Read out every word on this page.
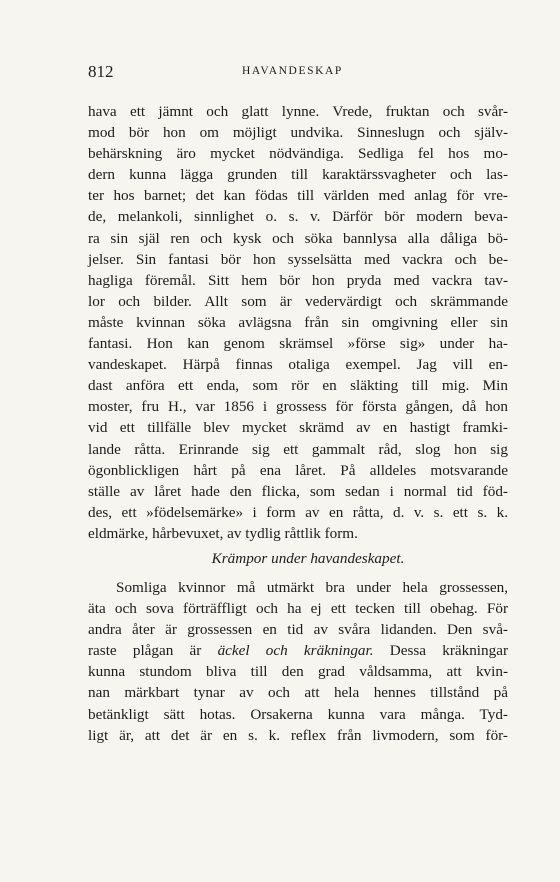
812	HAVANDESKAP
hava ett jämnt och glatt lynne. Vrede, fruktan och svår-
mod bör hon om möjligt undvika. Sinneslugn och själv-
behärskning äro mycket nödvändiga. Sedliga fel hos mo-
dern kunna lägga grunden till karaktärssvagheter och las-
ter hos barnet; det kan födas till världen med anlag för vre-
de, melankoli, sinnlighet o. s. v. Därför bör modern beva-
ra sin själ ren och kysk och söka bannlysa alla dåliga bö-
jelser. Sin fantasi bör hon sysselsätta med vackra och be-
hagliga föremål. Sitt hem bör hon pryda med vackra tav-
lor och bilder. Allt som är vedervärdigt och skrämmande
måste kvinnan söka avlägsna från sin omgivning eller sin
fantasi. Hon kan genom skrämsel »förse sig» under ha-
vandeskapet. Härpå finnas otaliga exempel. Jag vill en-
dast anföra ett enda, som rör en släkting till mig. Min
moster, fru H., var 1856 i grossess för första gången, då hon
vid ett tillfälle blev mycket skrämd av en hastigt framki-
lande råtta. Erinrande sig ett gammalt råd, slog hon sig
ögonblickligen hårt på ena låret. På alldeles motsvarande
ställe av låret hade den flicka, som sedan i normal tid föd-
des, ett »födelsemärke» i form av en råtta, d. v. s. ett s. k.
eldmärke, hårbevuxet, av tydlig råttlik form.
Krämpor under havandeskapet.
Somliga kvinnor må utmärkt bra under hela grossessen,
äta och sova förträffligt och ha ej ett tecken till obehag. För
andra åter är grossessen en tid av svåra lidanden. Den svå-
raste plågan är äckel och kräkningar. Dessa kräkningar
kunna stundom bliva till den grad våldsamma, att kvin-
nan märkbart tynar av och att hela hennes tillstånd på
betänkligt sätt hotas. Orsakerna kunna vara många. Tyd-
ligt är, att det är en s. k. reflex från livmodern, som för-
